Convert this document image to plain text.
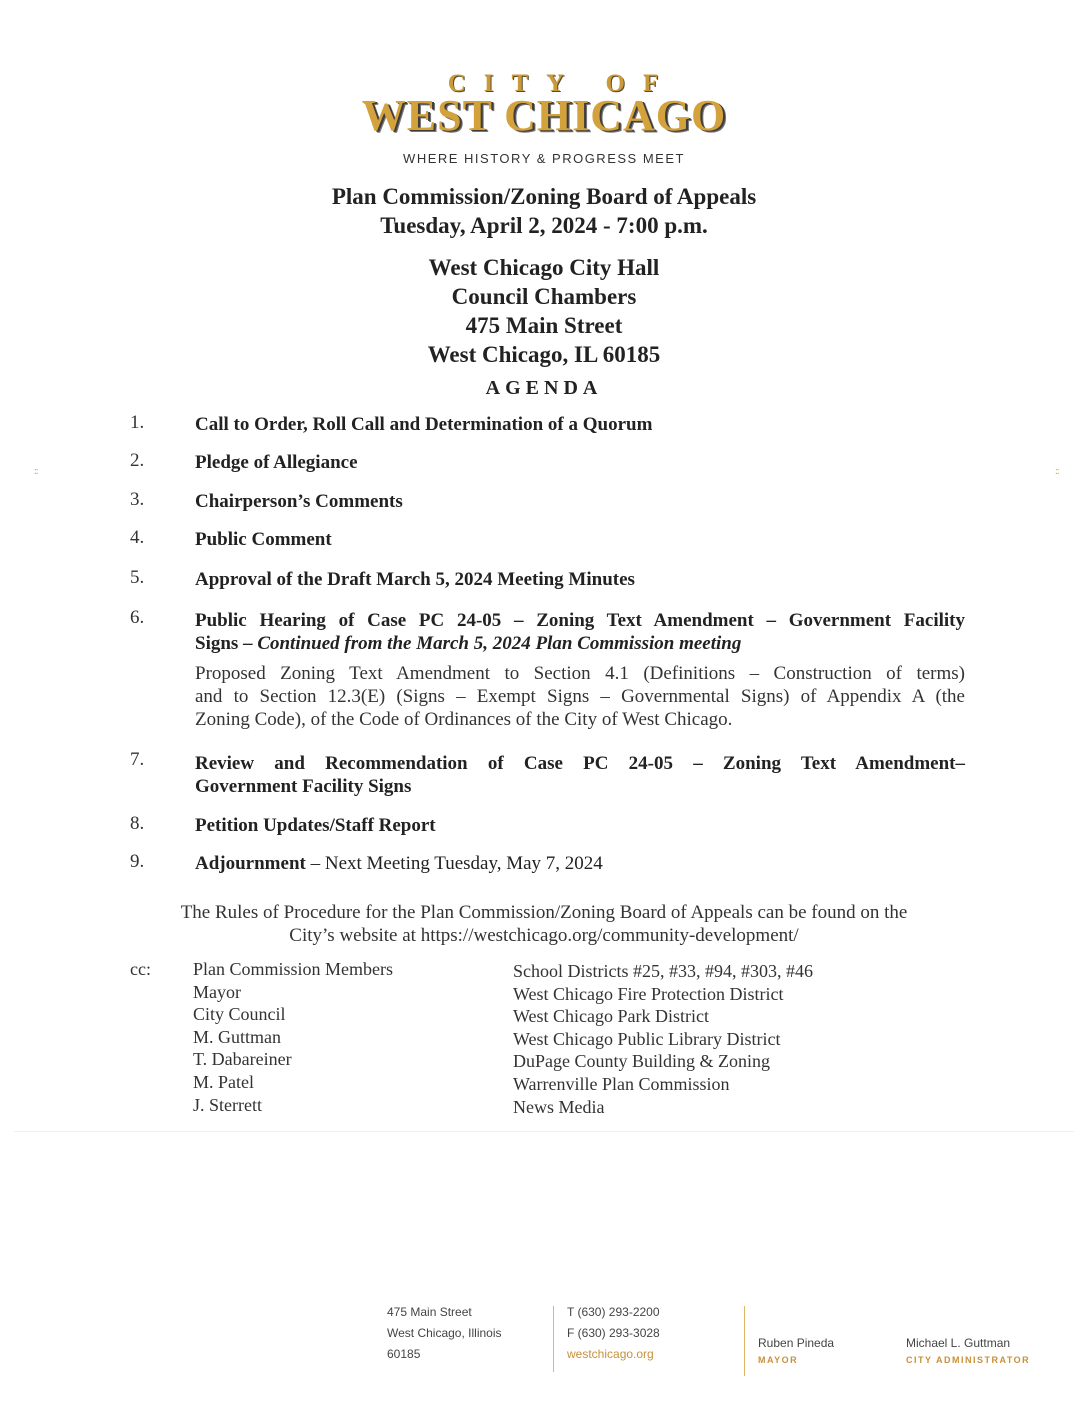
CITY OF
WEST CHICAGO
WHERE HISTORY & PROGRESS MEET
Plan Commission/Zoning Board of Appeals
Tuesday, April 2, 2024 - 7:00 p.m.
West Chicago City Hall
Council Chambers
475 Main Street
West Chicago, IL 60185
AGENDA
::	::
1.	Call to Order, Roll Call and Determination of a Quorum
2.	Pledge of Allegiance
3.	Chairperson’s Comments
4.	Public Comment
5.	Approval of the Draft March 5, 2024 Meeting Minutes
6.	Public Hearing of Case PC 24-05 – Zoning Text Amendment – Government Facility
Signs – Continued from the March 5, 2024 Plan Commission meeting
Proposed Zoning Text Amendment to Section 4.1 (Definitions – Construction of terms)
and to Section 12.3(E) (Signs – Exempt Signs – Governmental Signs) of Appendix A (the
Zoning Code), of the Code of Ordinances of the City of West Chicago.
7.	Review and Recommendation of Case PC 24-05 – Zoning Text Amendment–
Government Facility Signs
8.	Petition Updates/Staff Report
9.	Adjournment – Next Meeting Tuesday, May 7, 2024
The Rules of Procedure for the Plan Commission/Zoning Board of Appeals can be found on the
City’s website at https://westchicago.org/community-development/
cc: Plan Commission Members
Mayor
City Council
M. Guttman
T. Dabareiner
M. Patel
J. Sterrett
School Districts #25, #33, #94, #303, #46
West Chicago Fire Protection District
West Chicago Park District
West Chicago Public Library District
DuPage County Building & Zoning
Warrenville Plan Commission
News Media
475 Main Street
West Chicago, Illinois
60185
T (630) 293-2200
F (630) 293-3028
westchicago.org
Ruben Pineda
MAYOR
Michael L. Guttman
CITY ADMINISTRATOR
